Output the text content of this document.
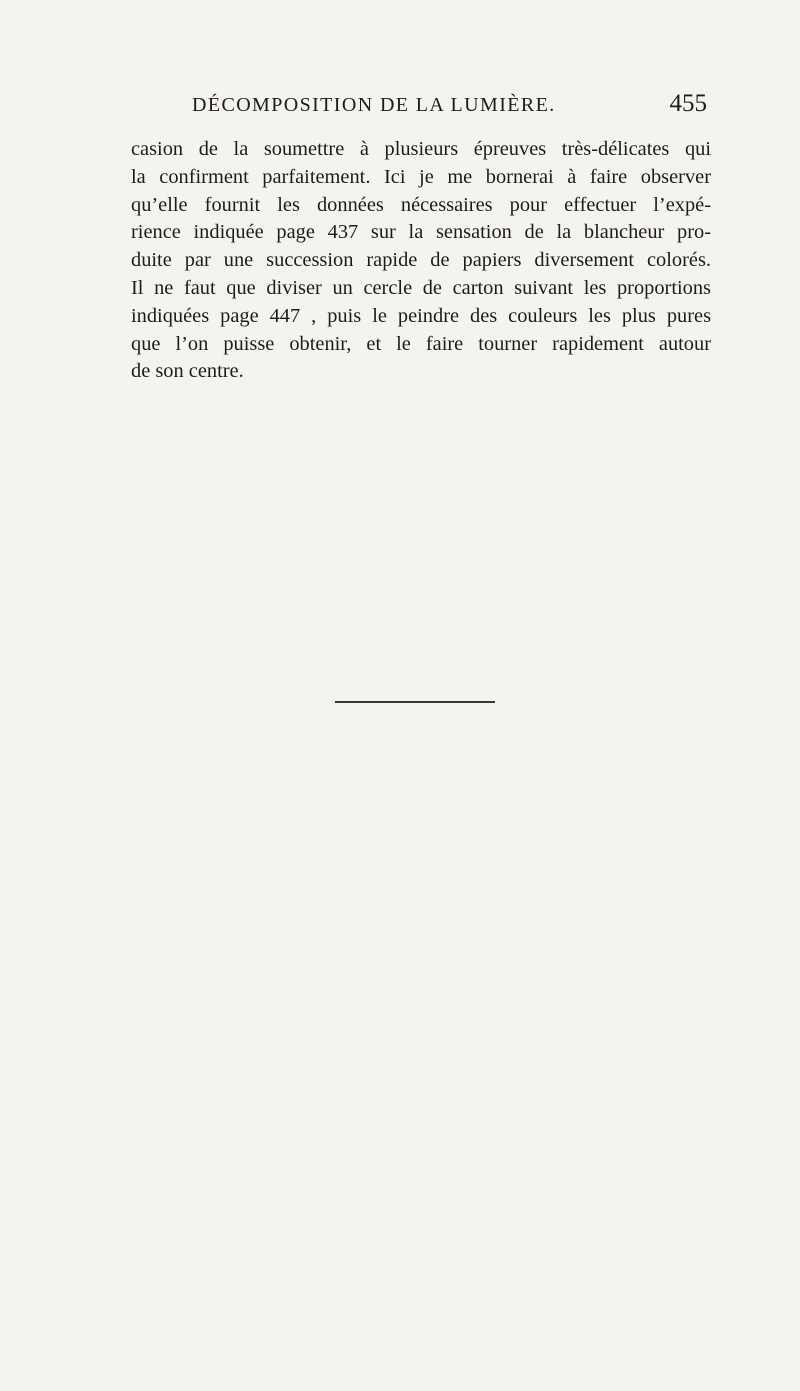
DÉCOMPOSITION DE LA LUMIÈRE.	455

casion de la soumettre à plusieurs épreuves très-délicates qui
la confirment parfaitement. Ici je me bornerai à faire observer
qu’elle fournit les données nécessaires pour effectuer l’expé-
rience indiquée page 437 sur la sensation de la blancheur pro-
duite par une succession rapide de papiers diversement colorés.
Il ne faut que diviser un cercle de carton suivant les proportions
indiquées page 447 , puis le peindre des couleurs les plus pures
que l’on puisse obtenir, et le faire tourner rapidement autour
de son centre.
